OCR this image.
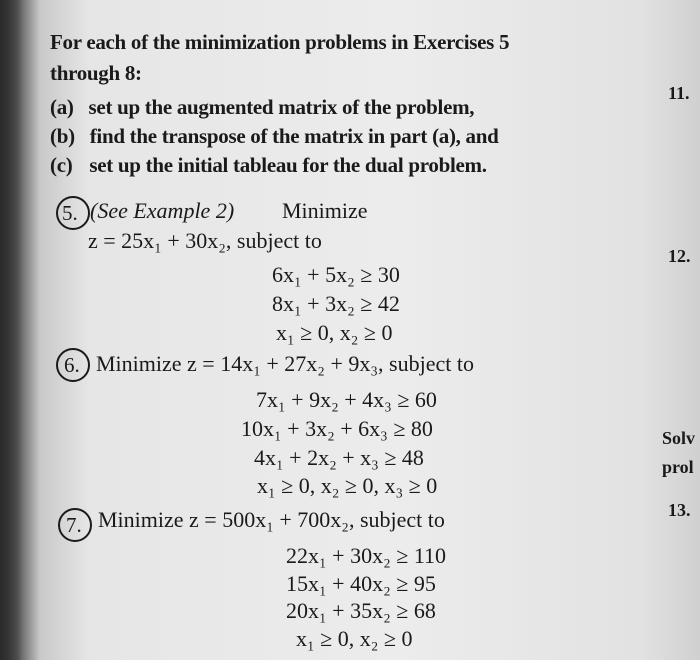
For each of the minimization problems in Exercises 5
through 8:
(a) set up the augmented matrix of the problem,
(b) find the transpose of the matrix in part (a), and
(c) set up the initial tableau for the dual problem.
5. (See Example 2) Minimize
z = 25x₁ + 30x₂, subject to
6x₁ + 5x₂ ≥ 30
8x₁ + 3x₂ ≥ 42
x₁ ≥ 0, x₂ ≥ 0
6. Minimize z = 14x₁ + 27x₂ + 9x₃, subject to
7x₁ + 9x₂ + 4x₃ ≥ 60
10x₁ + 3x₂ + 6x₃ ≥ 80
4x₁ + 2x₂ + x₃ ≥ 48
x₁ ≥ 0, x₂ ≥ 0, x₃ ≥ 0
7. Minimize z = 500x₁ + 700x₂, subject to
22x₁ + 30x₂ ≥ 110
15x₁ + 40x₂ ≥ 95
20x₁ + 35x₂ ≥ 68
x₁ ≥ 0, x₂ ≥ 0
11.
12.
Solv
prol
13.
